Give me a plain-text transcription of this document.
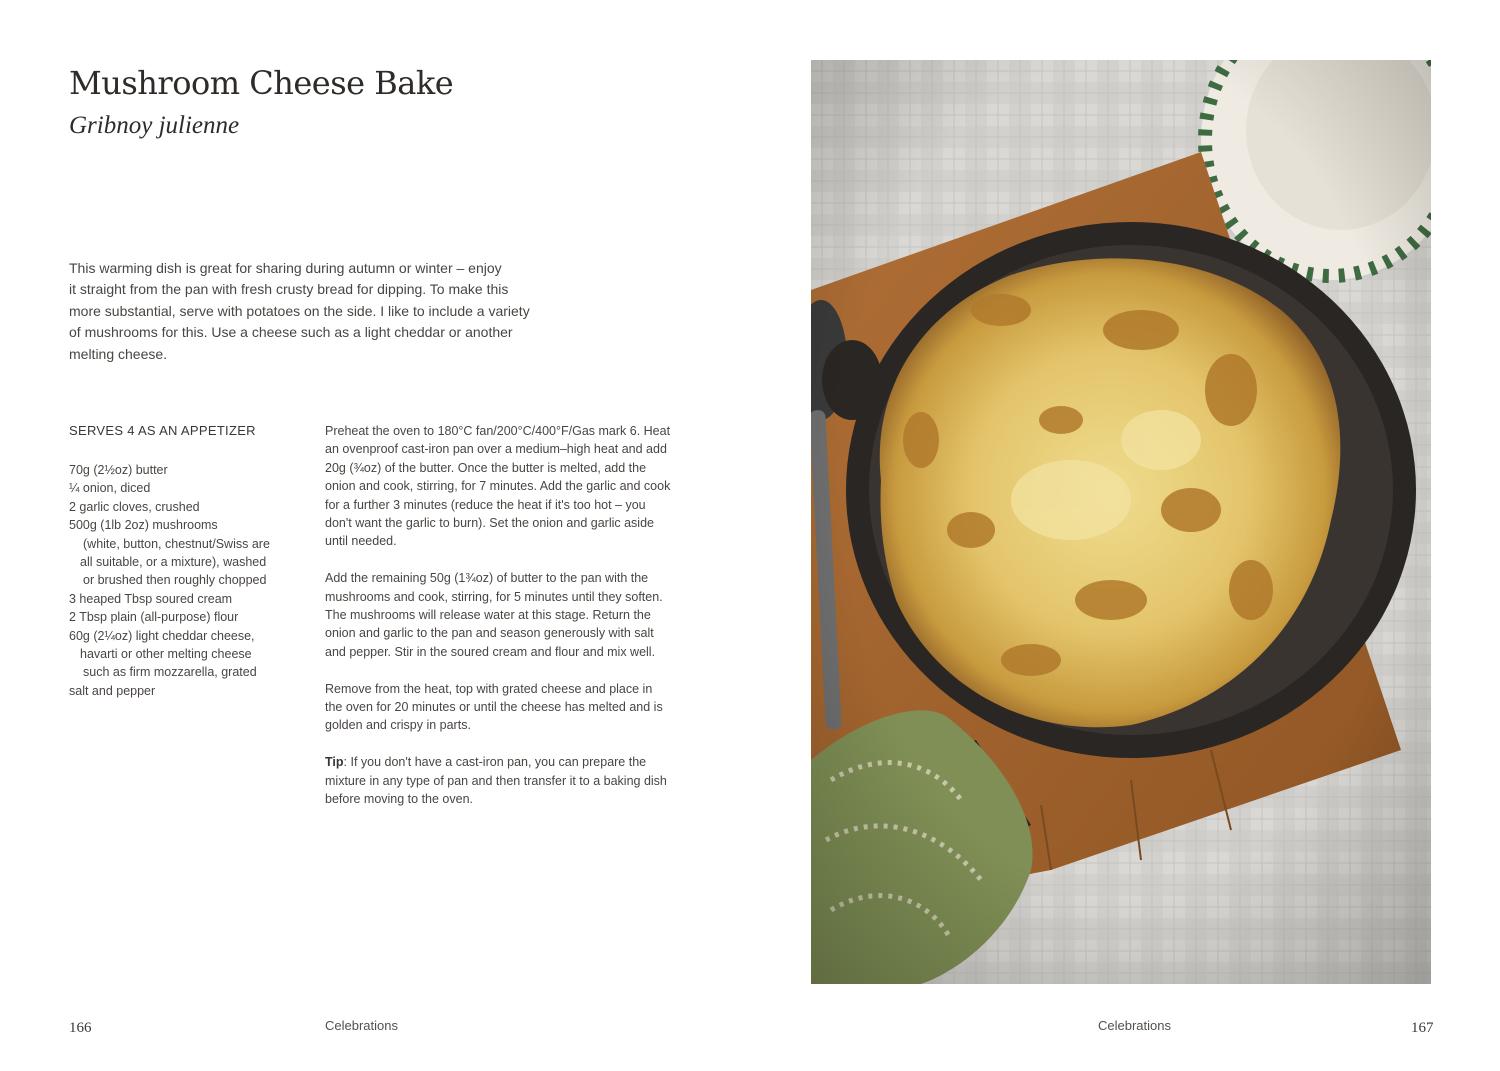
Mushroom Cheese Bake
Gribnoy julienne
This warming dish is great for sharing during autumn or winter – enjoy
it straight from the pan with fresh crusty bread for dipping. To make this
more substantial, serve with potatoes on the side. I like to include a variety
of mushrooms for this. Use a cheese such as a light cheddar or another
melting cheese.
SERVES 4 AS AN APPETIZER
70g (2½oz) butter
¼ onion, diced
2 garlic cloves, crushed
500g (1lb 2oz) mushrooms
(white, button, chestnut/Swiss are
all suitable, or a mixture), washed
or brushed then roughly chopped
3 heaped Tbsp soured cream
2 Tbsp plain (all-purpose) flour
60g (2¼oz) light cheddar cheese,
havarti or other melting cheese
such as firm mozzarella, grated
salt and pepper
Preheat the oven to 180°C fan/200°C/400°F/Gas mark 6. Heat
an ovenproof cast-iron pan over a medium–high heat and add
20g (¾oz) of the butter. Once the butter is melted, add the
onion and cook, stirring, for 7 minutes. Add the garlic and cook
for a further 3 minutes (reduce the heat if it's too hot – you
don't want the garlic to burn). Set the onion and garlic aside
until needed.
Add the remaining 50g (1¾oz) of butter to the pan with the
mushrooms and cook, stirring, for 5 minutes until they soften.
The mushrooms will release water at this stage. Return the
onion and garlic to the pan and season generously with salt
and pepper. Stir in the soured cream and flour and mix well.
Remove from the heat, top with grated cheese and place in
the oven for 20 minutes or until the cheese has melted and is
golden and crispy in parts.
Tip: If you don't have a cast-iron pan, you can prepare the
mixture in any type of pan and then transfer it to a baking dish
before moving to the oven.
166	Celebrations	Celebrations	167
